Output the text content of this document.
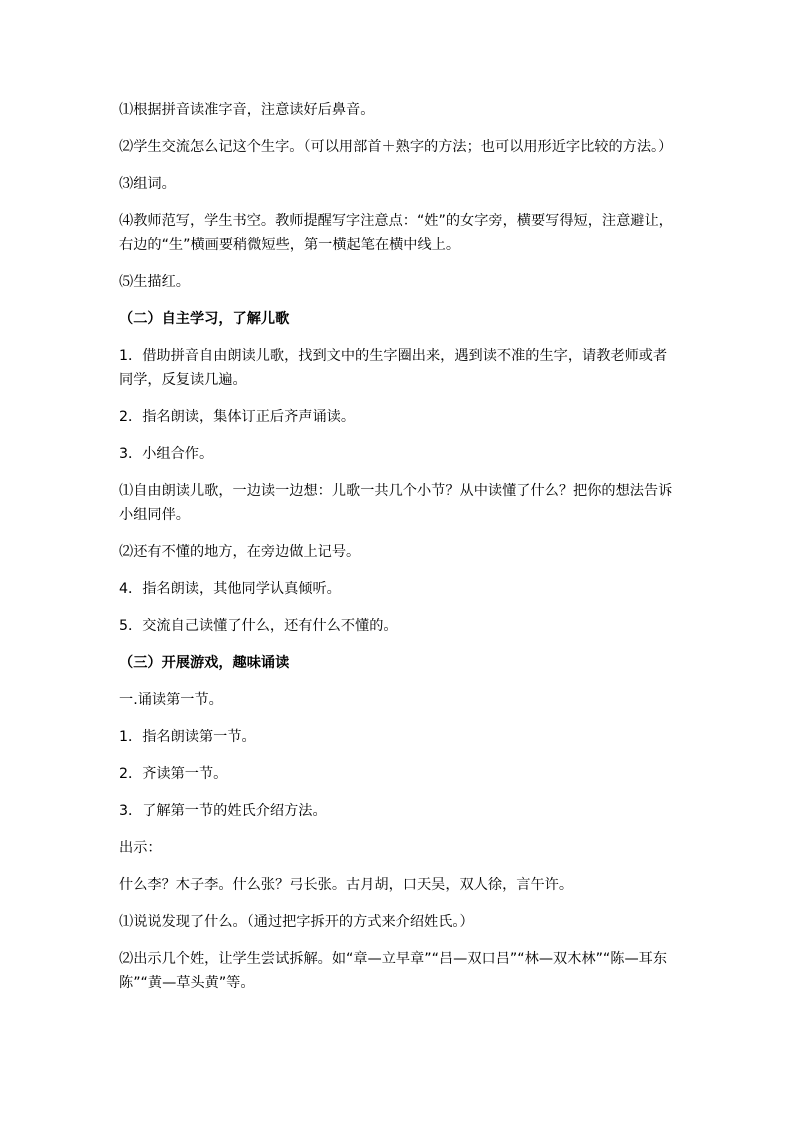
⑴根据拼音读准字音，注意读好后鼻音。

⑵学生交流怎么记这个生字。（可以用部首＋熟字的方法；也可以用形近字比较的方法。）

⑶组词。

⑷教师范写，学生书空。教师提醒写字注意点：“姓”的女字旁，横要写得短，注意避让，右边的“生”横画要稍微短些，第一横起笔在横中线上。

⑸生描红。

（二）自主学习，了解儿歌

1．借助拼音自由朗读儿歌，找到文中的生字圈出来，遇到读不准的生字，请教老师或者同学，反复读几遍。

2．指名朗读，集体订正后齐声诵读。

3．小组合作。

⑴自由朗读儿歌，一边读一边想：儿歌一共几个小节？从中读懂了什么？把你的想法告诉小组同伴。

⑵还有不懂的地方，在旁边做上记号。

4．指名朗读，其他同学认真倾听。

5．交流自己读懂了什么，还有什么不懂的。

（三）开展游戏，趣味诵读

一.诵读第一节。

1．指名朗读第一节。

2．齐读第一节。

3．了解第一节的姓氏介绍方法。

出示：

什么李？木子李。什么张？弓长张。古月胡，口天吴，双人徐，言午许。

⑴说说发现了什么。（通过把字拆开的方式来介绍姓氏。）

⑵出示几个姓，让学生尝试拆解。如“章—立早章”“吕—双口吕”“林—双木林”“陈—耳东陈”“黄—草头黄”等。
